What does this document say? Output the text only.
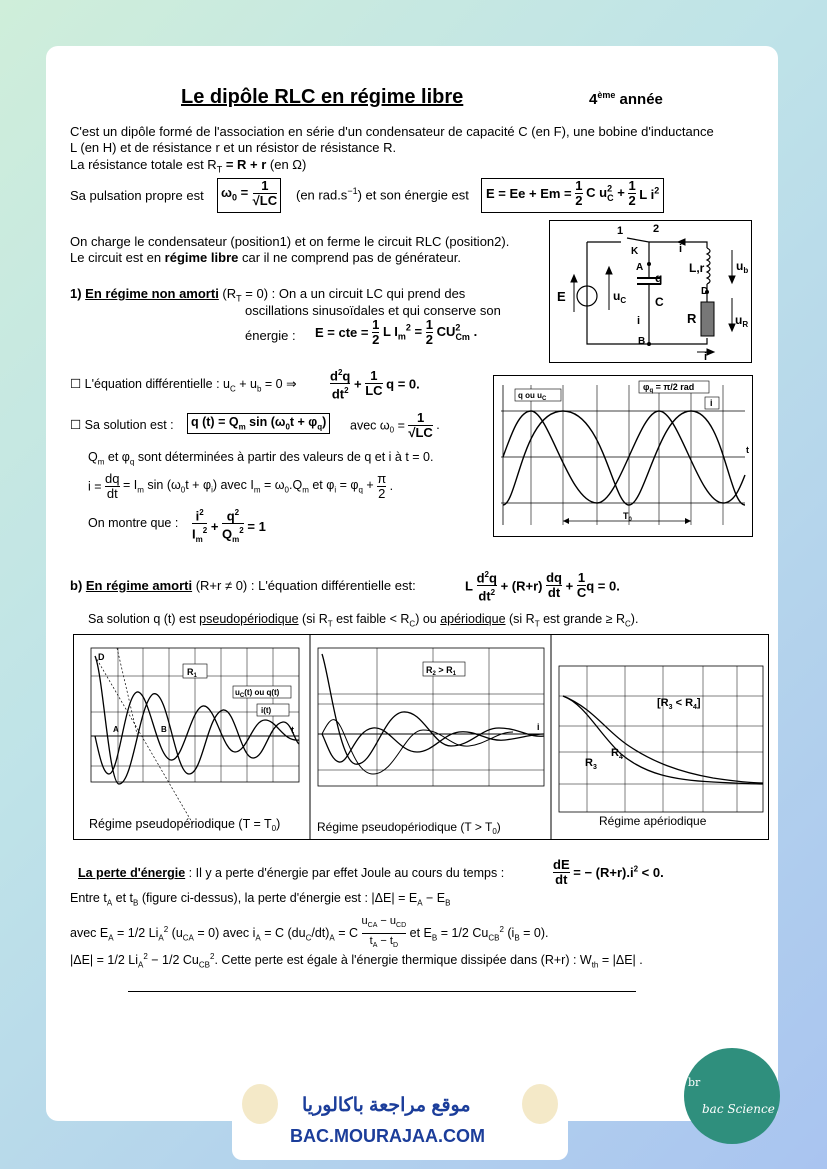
Le dipôle RLC en régime libre	4ème année
C'est un dipôle formé de l'association en série d'un condensateur de capacité C (en F), une bobine d'inductance
L (en H) et de résistance r et un résistor de résistance R.
La résistance totale est $R_T = R + r$ (en Ω)
Sa pulsation propre est	$\omega_0 = \frac{1}{√LC} (en$ $rad.s^{-1}$) et son énergie est	$E = Ee + Em = \frac{1}{2}$ C $u^2_C + \frac{1}{2}$ L $i^2$
On charge le condensateur (position1) et on ferme le circuit RLC (position2).
Le circuit est en régime libre car il ne comprend pas de générateur.
1	2
K
A
D
B
E	$u_C$
q
C
i
i
L,r	$u_b$
R	$u_R$
i
1) En régime non amorti $(R_T = 0)$ : On a un circuit LC qui prend des
oscillations sinusoïdales et qui conserve son
énergie : E = cte = $\frac{1}{2}$ L $I_m^2 = \frac{1}{2} CU^2_{Cm}$ .
☐ L'équation différentielle : $u_C + u_b = 0$ ⇒	$\frac{d^2q}{dt^2} + \frac{1}{LC}$ q = 0.
☐ Sa solution est :	q $(t) = Q_m$ $\sin (\omega_0t + \varphi_q)$	avec $\omega_0 = \frac{1}{√LC}$ .
$Q_m$ et $\varphi_q$ sont déterminées à partir des valeurs de q et i à t = 0.
$i = \frac{dq}{dt} = I_m$ $\sin (\omega_0t + \varphi_i)$ avec $I_m = \omega_0.Q_m$ et $\varphi_i = \varphi_q + \frac{\pi}{2}$ .
On montre que : $\frac{i^2}{I_m^2} + \frac{q^2}{Q_m^2} = 1$
q ou $u_C$
$\varphi_q = \pi/2$ rad
i
t
$T_0$
b) En régime amorti (R+r ≠ 0) : L'équation différentielle est:	L $\frac{d^2q}{dt^2} + (R+r) \frac{dq}{dt} + \frac{1}{C}$ q = 0.
Sa solution q (t) est pseudopériodique (si $R_T$ est faible < $R_C$) ou apériodique (si $R_T$ est grande ≥ $R_C$).
D
$R_1$
$u_C(t)$ ou q(t)
i(t)
A	B	t
Régime pseudopériodique $(T = T_0)$
$R_2 > R_1$
i
Régime pseudopériodique $(T > T_0)$
$[R_3 < R_4]$
$R_4$
$R_3$
Régime apériodique
La perte d'énergie : Il y a perte d'énergie par effet Joule au cours du temps :	$\frac{dE}{dt}$ = − $(R+r).i^2 < 0$.
Entre $t_A$ et $t_B$ (figure ci-dessus), la perte d'énergie est : $|\Delta E| = E_A - E_B$
avec $E_A = 1/2$ $Li_A^2$ $(u_{CA} = 0)$ avec $i_A = C$ $(du_C/dt)_A = C \frac{u_{CA} - u_{CD}}{t_A - t_D}$ et $E_B = 1/2$ $Cu_{CB}^2$ $(i_B = 0)$.
|ΔE| = 1/2 $Li_A^2 - 1/2$ $Cu_{CB}^2$. Cette perte est égale à l'énergie thermique dissipée dans (R+r) : $W_{th} = |\Delta E|$ .
موقع مراجعة باكالوريا
BAC.MOURAJAA.COM
br
bac Science
